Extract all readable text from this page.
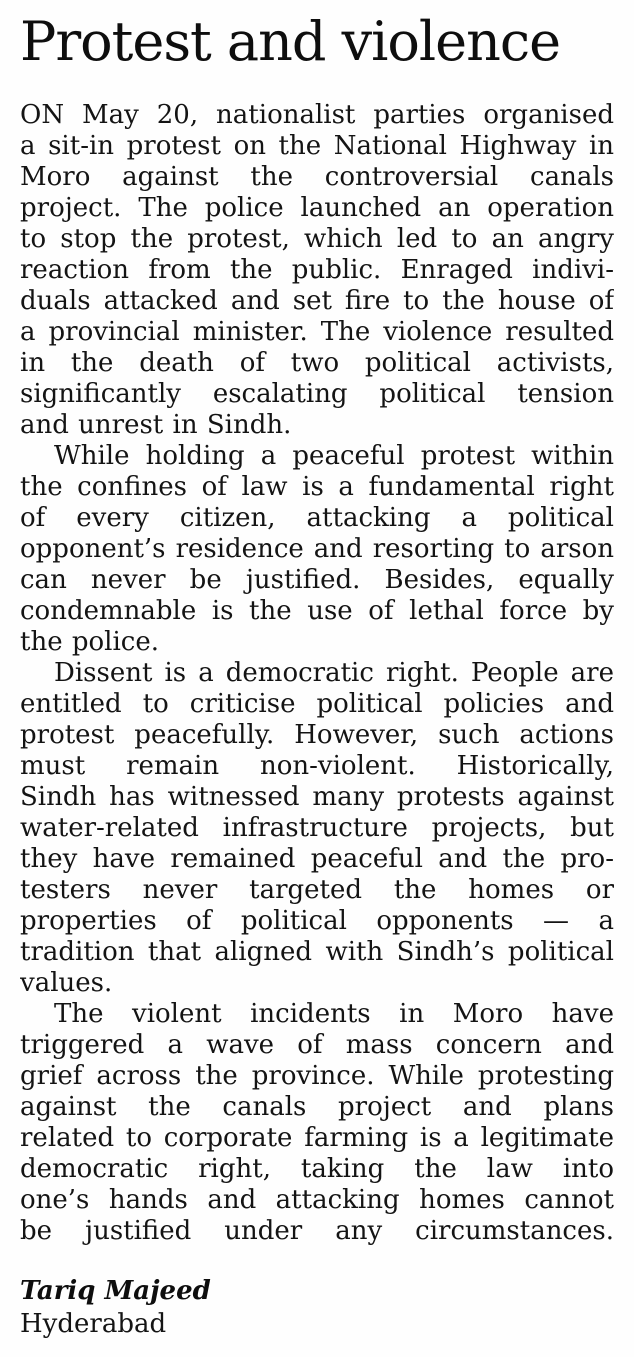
Protest and violence
ON May 20, nationalist parties organised
a sit-in protest on the National Highway in
Moro against the controversial canals
project. The police launched an operation
to stop the protest, which led to an angry
reaction from the public. Enraged indivi-
duals attacked and set fire to the house of
a provincial minister. The violence resulted
in the death of two political activists,
significantly escalating political tension
and unrest in Sindh.
While holding a peaceful protest within
the confines of law is a fundamental right
of every citizen, attacking a political
opponent’s residence and resorting to arson
can never be justified. Besides, equally
condemnable is the use of lethal force by
the police.
Dissent is a democratic right. People are
entitled to criticise political policies and
protest peacefully. However, such actions
must remain non-violent. Historically,
Sindh has witnessed many protests against
water-related infrastructure projects, but
they have remained peaceful and the pro-
testers never targeted the homes or
properties of political opponents — a
tradition that aligned with Sindh’s political
values.
The violent incidents in Moro have
triggered a wave of mass concern and
grief across the province. While protesting
against the canals project and plans
related to corporate farming is a legitimate
democratic right, taking the law into
one’s hands and attacking homes cannot
be justified under any circumstances.
Tariq Majeed
Hyderabad
